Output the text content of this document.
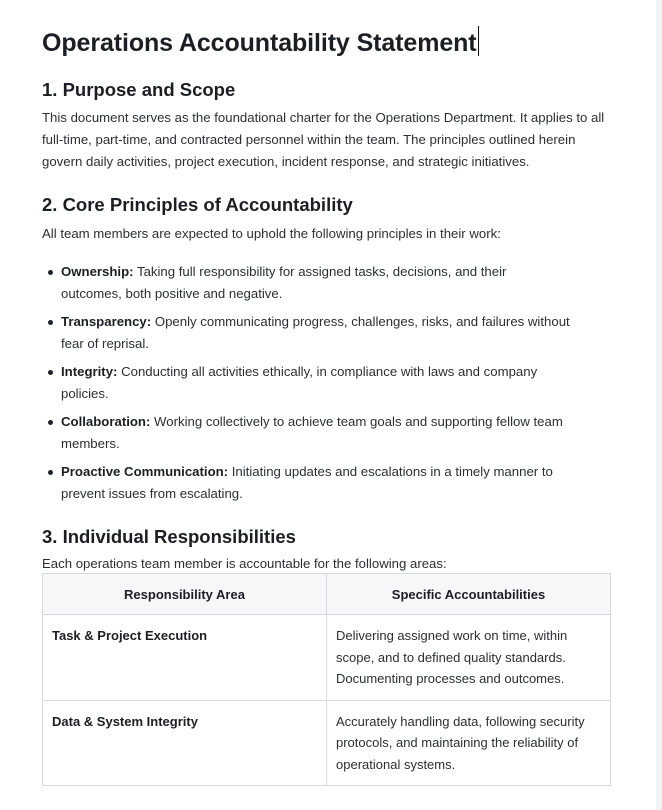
Operations Accountability Statement
1. Purpose and Scope

This document serves as the foundational charter for the Operations Department. It applies to all full-time, part-time, and contracted personnel within the team. The principles outlined herein govern daily activities, project execution, incident response, and strategic initiatives.

2. Core Principles of Accountability

All team members are expected to uphold the following principles in their work:

Ownership: Taking full responsibility for assigned tasks, decisions, and their outcomes, both positive and negative.
Transparency: Openly communicating progress, challenges, risks, and failures without fear of reprisal.
Integrity: Conducting all activities ethically, in compliance with laws and company policies.
Collaboration: Working collectively to achieve team goals and supporting fellow team members.
Proactive Communication: Initiating updates and escalations in a timely manner to prevent issues from escalating.
3. Individual Responsibilities

Each operations team member is accountable for the following areas:

Responsibility Area	Specific Accountabilities
Task & Project Execution	Delivering assigned work on time, within scope, and to defined quality standards. Documenting processes and outcomes.
Data & System Integrity	Accurately handling data, following security protocols, and maintaining the reliability of operational systems.
